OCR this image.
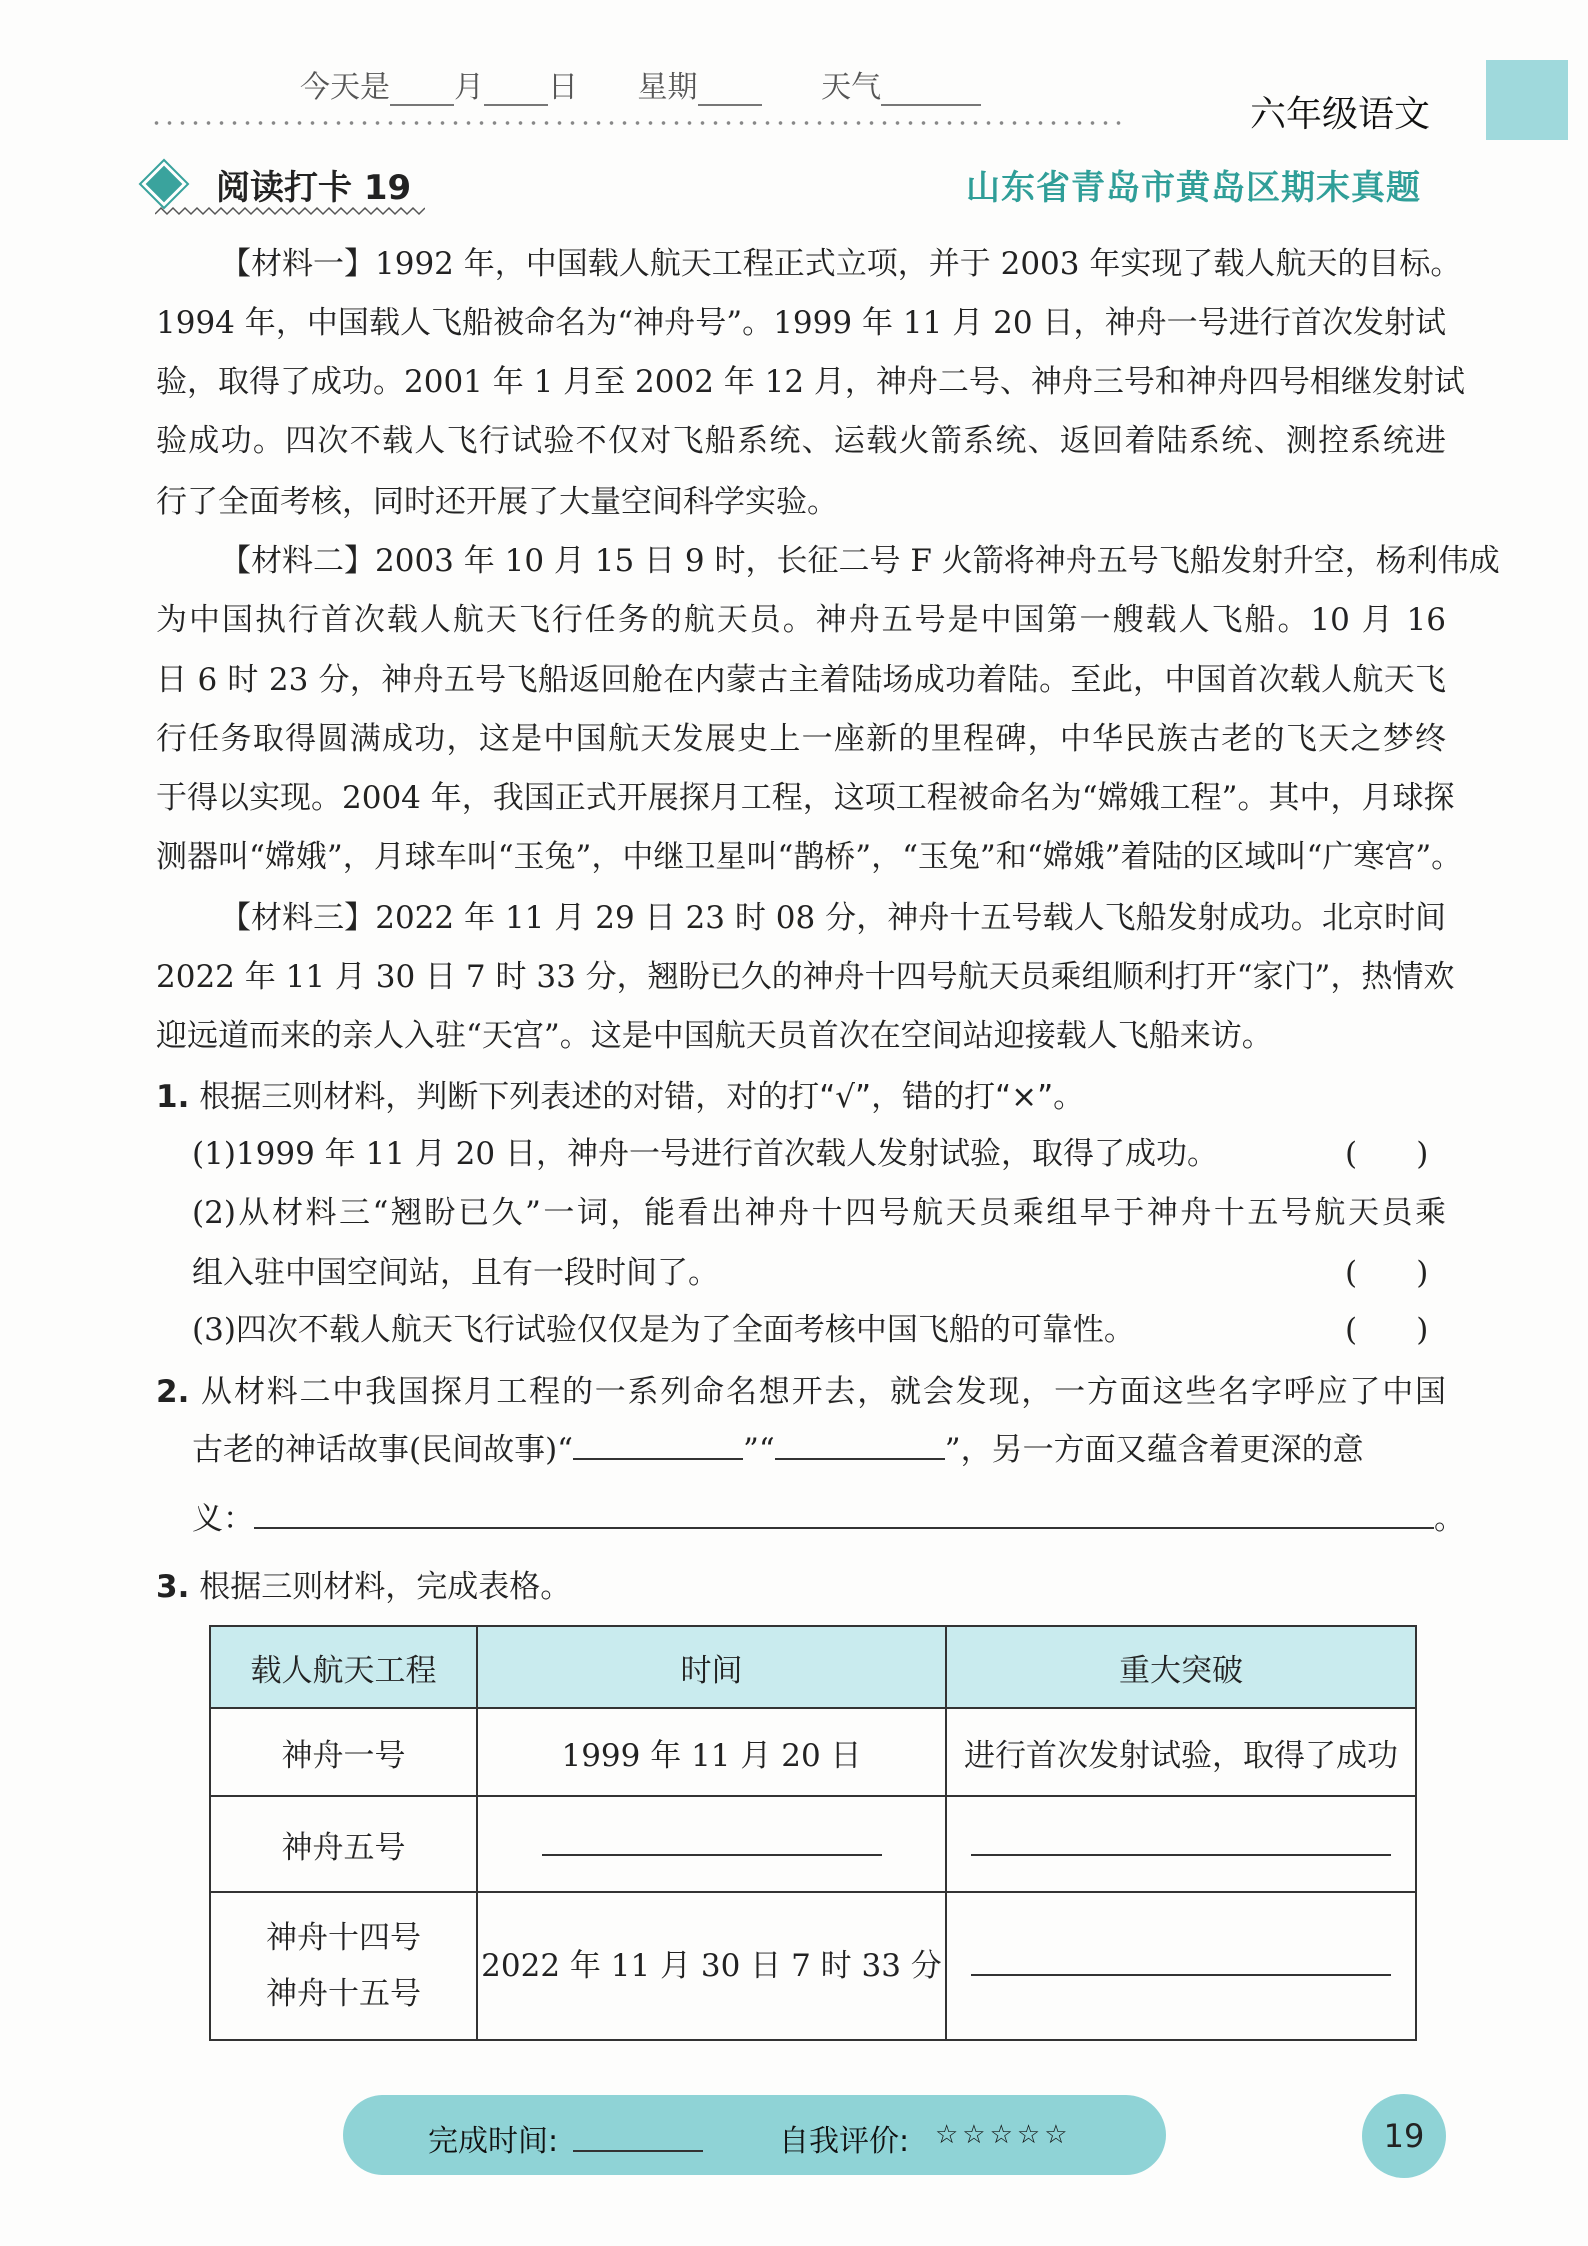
今天是 月 日 星期	天气
六年级语文
阅读打卡 19	山东省青岛市黄岛区期末真题
【材料一】1992 年，中国载人航天工程正式立项，并于 2003 年实现了载人航天的目标。
1994 年，中国载人飞船被命名为“神舟号”。1999 年 11 月 20 日，神舟一号进行首次发射试
验，取得了成功。2001 年 1 月至 2002 年 12 月，神舟二号、神舟三号和神舟四号相继发射试
验成功。四次不载人飞行试验不仅对飞船系统、运载火箭系统、返回着陆系统、测控系统进
行了全面考核，同时还开展了大量空间科学实验。
【材料二】2003 年 10 月 15 日 9 时，长征二号 F 火箭将神舟五号飞船发射升空，杨利伟成
为中国执行首次载人航天飞行任务的航天员。神舟五号是中国第一艘载人飞船。10 月 16
日 6 时 23 分，神舟五号飞船返回舱在内蒙古主着陆场成功着陆。至此，中国首次载人航天飞
行任务取得圆满成功，这是中国航天发展史上一座新的里程碑，中华民族古老的飞天之梦终
于得以实现。2004 年，我国正式开展探月工程，这项工程被命名为“嫦娥工程”。其中，月球探
测器叫“嫦娥”，月球车叫“玉兔”，中继卫星叫“鹊桥”，“玉兔”和“嫦娥”着陆的区域叫“广寒宫”。
【材料三】2022 年 11 月 29 日 23 时 08 分，神舟十五号载人飞船发射成功。北京时间
2022 年 11 月 30 日 7 时 33 分，翘盼已久的神舟十四号航天员乘组顺利打开“家门”，热情欢
迎远道而来的亲人入驻“天宫”。这是中国航天员首次在空间站迎接载人飞船来访。
1. 根据三则材料，判断下列表述的对错，对的打“√”，错的打“×”。
(1)1999 年 11 月 20 日，神舟一号进行首次载人发射试验，取得了成功。	(      )
(2)从材料三“翘盼已久”一词，能看出神舟十四号航天员乘组早于神舟十五号航天员乘
组入驻中国空间站，且有一段时间了。	(      )
(3)四次不载人航天飞行试验仅仅是为了全面考核中国飞船的可靠性。	(      )
2. 从材料二中我国探月工程的一系列命名想开去，就会发现，一方面这些名字呼应了中国
古老的神话故事(民间故事)“	”“	”，另一方面又蕴含着更深的意
义：	。
3. 根据三则材料，完成表格。
载人航天工程	时间	重大突破
神舟一号	1999 年 11 月 20 日	进行首次发射试验，取得了成功
神舟五号		
神舟十四号
神舟十五号	2022 年 11 月 30 日 7 时 33 分	
完成时间:	自我评价: ☆☆☆☆☆	19
